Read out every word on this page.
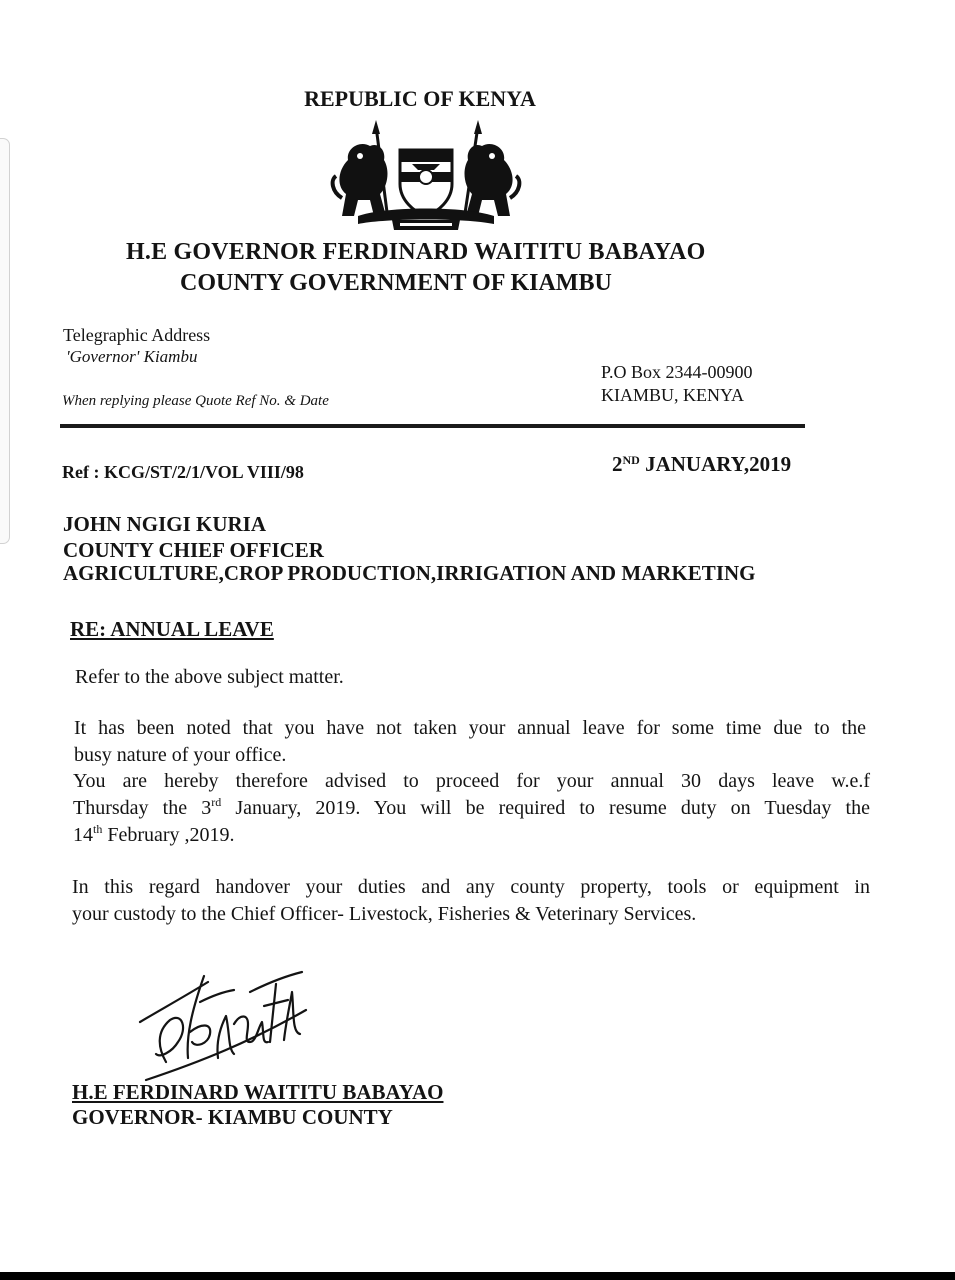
REPUBLIC OF KENYA
H.E GOVERNOR FERDINARD WAITITU BABAYAO
COUNTY GOVERNMENT OF KIAMBU
Telegraphic Address
'Governor' Kiambu
When replying please Quote Ref No. & Date
P.O Box 2344-00900
KIAMBU, KENYA
Ref : KCG/ST/2/1/VOL VIII/98	2ND JANUARY,2019
JOHN NGIGI KURIA
COUNTY CHIEF OFFICER
AGRICULTURE,CROP PRODUCTION,IRRIGATION AND MARKETING
RE: ANNUAL LEAVE
Refer to the above subject matter.
It has been noted that you have not taken your annual leave for some time due to the
busy nature of your office.
You are hereby therefore advised to proceed for your annual 30 days leave w.e.f
Thursday the 3rd January, 2019. You will be required to resume duty on Tuesday the
14th February ,2019.
In this regard handover your duties and any county property, tools or equipment in
your custody to the Chief Officer- Livestock, Fisheries & Veterinary Services.
H.E FERDINARD WAITITU BABAYAO
GOVERNOR- KIAMBU COUNTY
